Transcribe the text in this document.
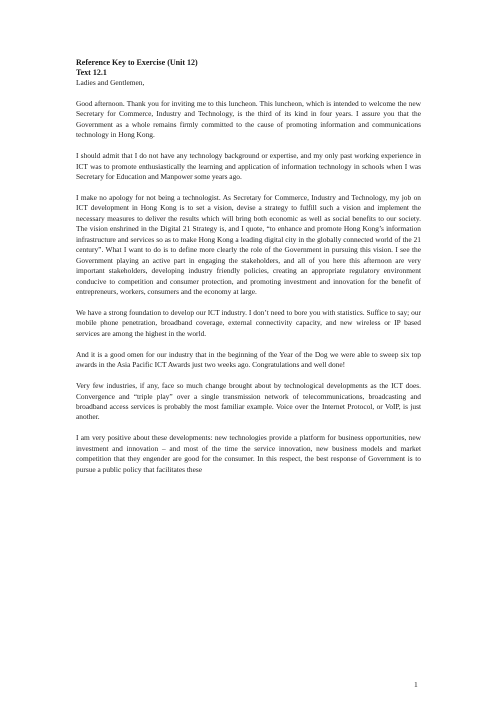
Reference Key to Exercise (Unit 12)

Text 12.1

Ladies and Gentlemen,

Good afternoon. Thank you for inviting me to this luncheon. This luncheon, which is intended to welcome the new Secretary for Commerce, Industry and Technology, is the third of its kind in four years. I assure you that the Government as a whole remains firmly committed to the cause of promoting information and communications technology in Hong Kong.

I should admit that I do not have any technology background or expertise, and my only past working experience in ICT was to promote enthusiastically the learning and application of information technology in schools when I was Secretary for Education and Manpower some years ago.

I make no apology for not being a technologist. As Secretary for Commerce, Industry and Technology, my job on ICT development in Hong Kong is to set a vision, devise a strategy to fulfill such a vision and implement the necessary measures to deliver the results which will bring both economic as well as social benefits to our society. The vision enshrined in the Digital 21 Strategy is, and I quote, “to enhance and promote Hong Kong’s information infrastructure and services so as to make Hong Kong a leading digital city in the globally connected world of the 21 century”. What I want to do is to define more clearly the role of the Government in pursuing this vision. I see the Government playing an active part in engaging the stakeholders, and all of you here this afternoon are very important stakeholders, developing industry friendly policies, creating an appropriate regulatory environment conducive to competition and consumer protection, and promoting investment and innovation for the benefit of entrepreneurs, workers, consumers and the economy at large.

We have a strong foundation to develop our ICT industry. I don’t need to bore you with statistics. Suffice to say; our mobile phone penetration, broadband coverage, external connectivity capacity, and new wireless or IP based services are among the highest in the world.

And it is a good omen for our industry that in the beginning of the Year of the Dog we were able to sweep six top awards in the Asia Pacific ICT Awards just two weeks ago. Congratulations and well done!

Very few industries, if any, face so much change brought about by technological developments as the ICT does. Convergence and “triple play” over a single transmission network of telecommunications, broadcasting and broadband access services is probably the most familiar example. Voice over the Internet Protocol, or VoIP, is just another.

I am very positive about these developments: new technologies provide a platform for business opportunities, new investment and innovation – and most of the time the service innovation, new business models and market competition that they engender are good for the consumer. In this respect, the best response of Government is to pursue a public policy that facilitates these

1
